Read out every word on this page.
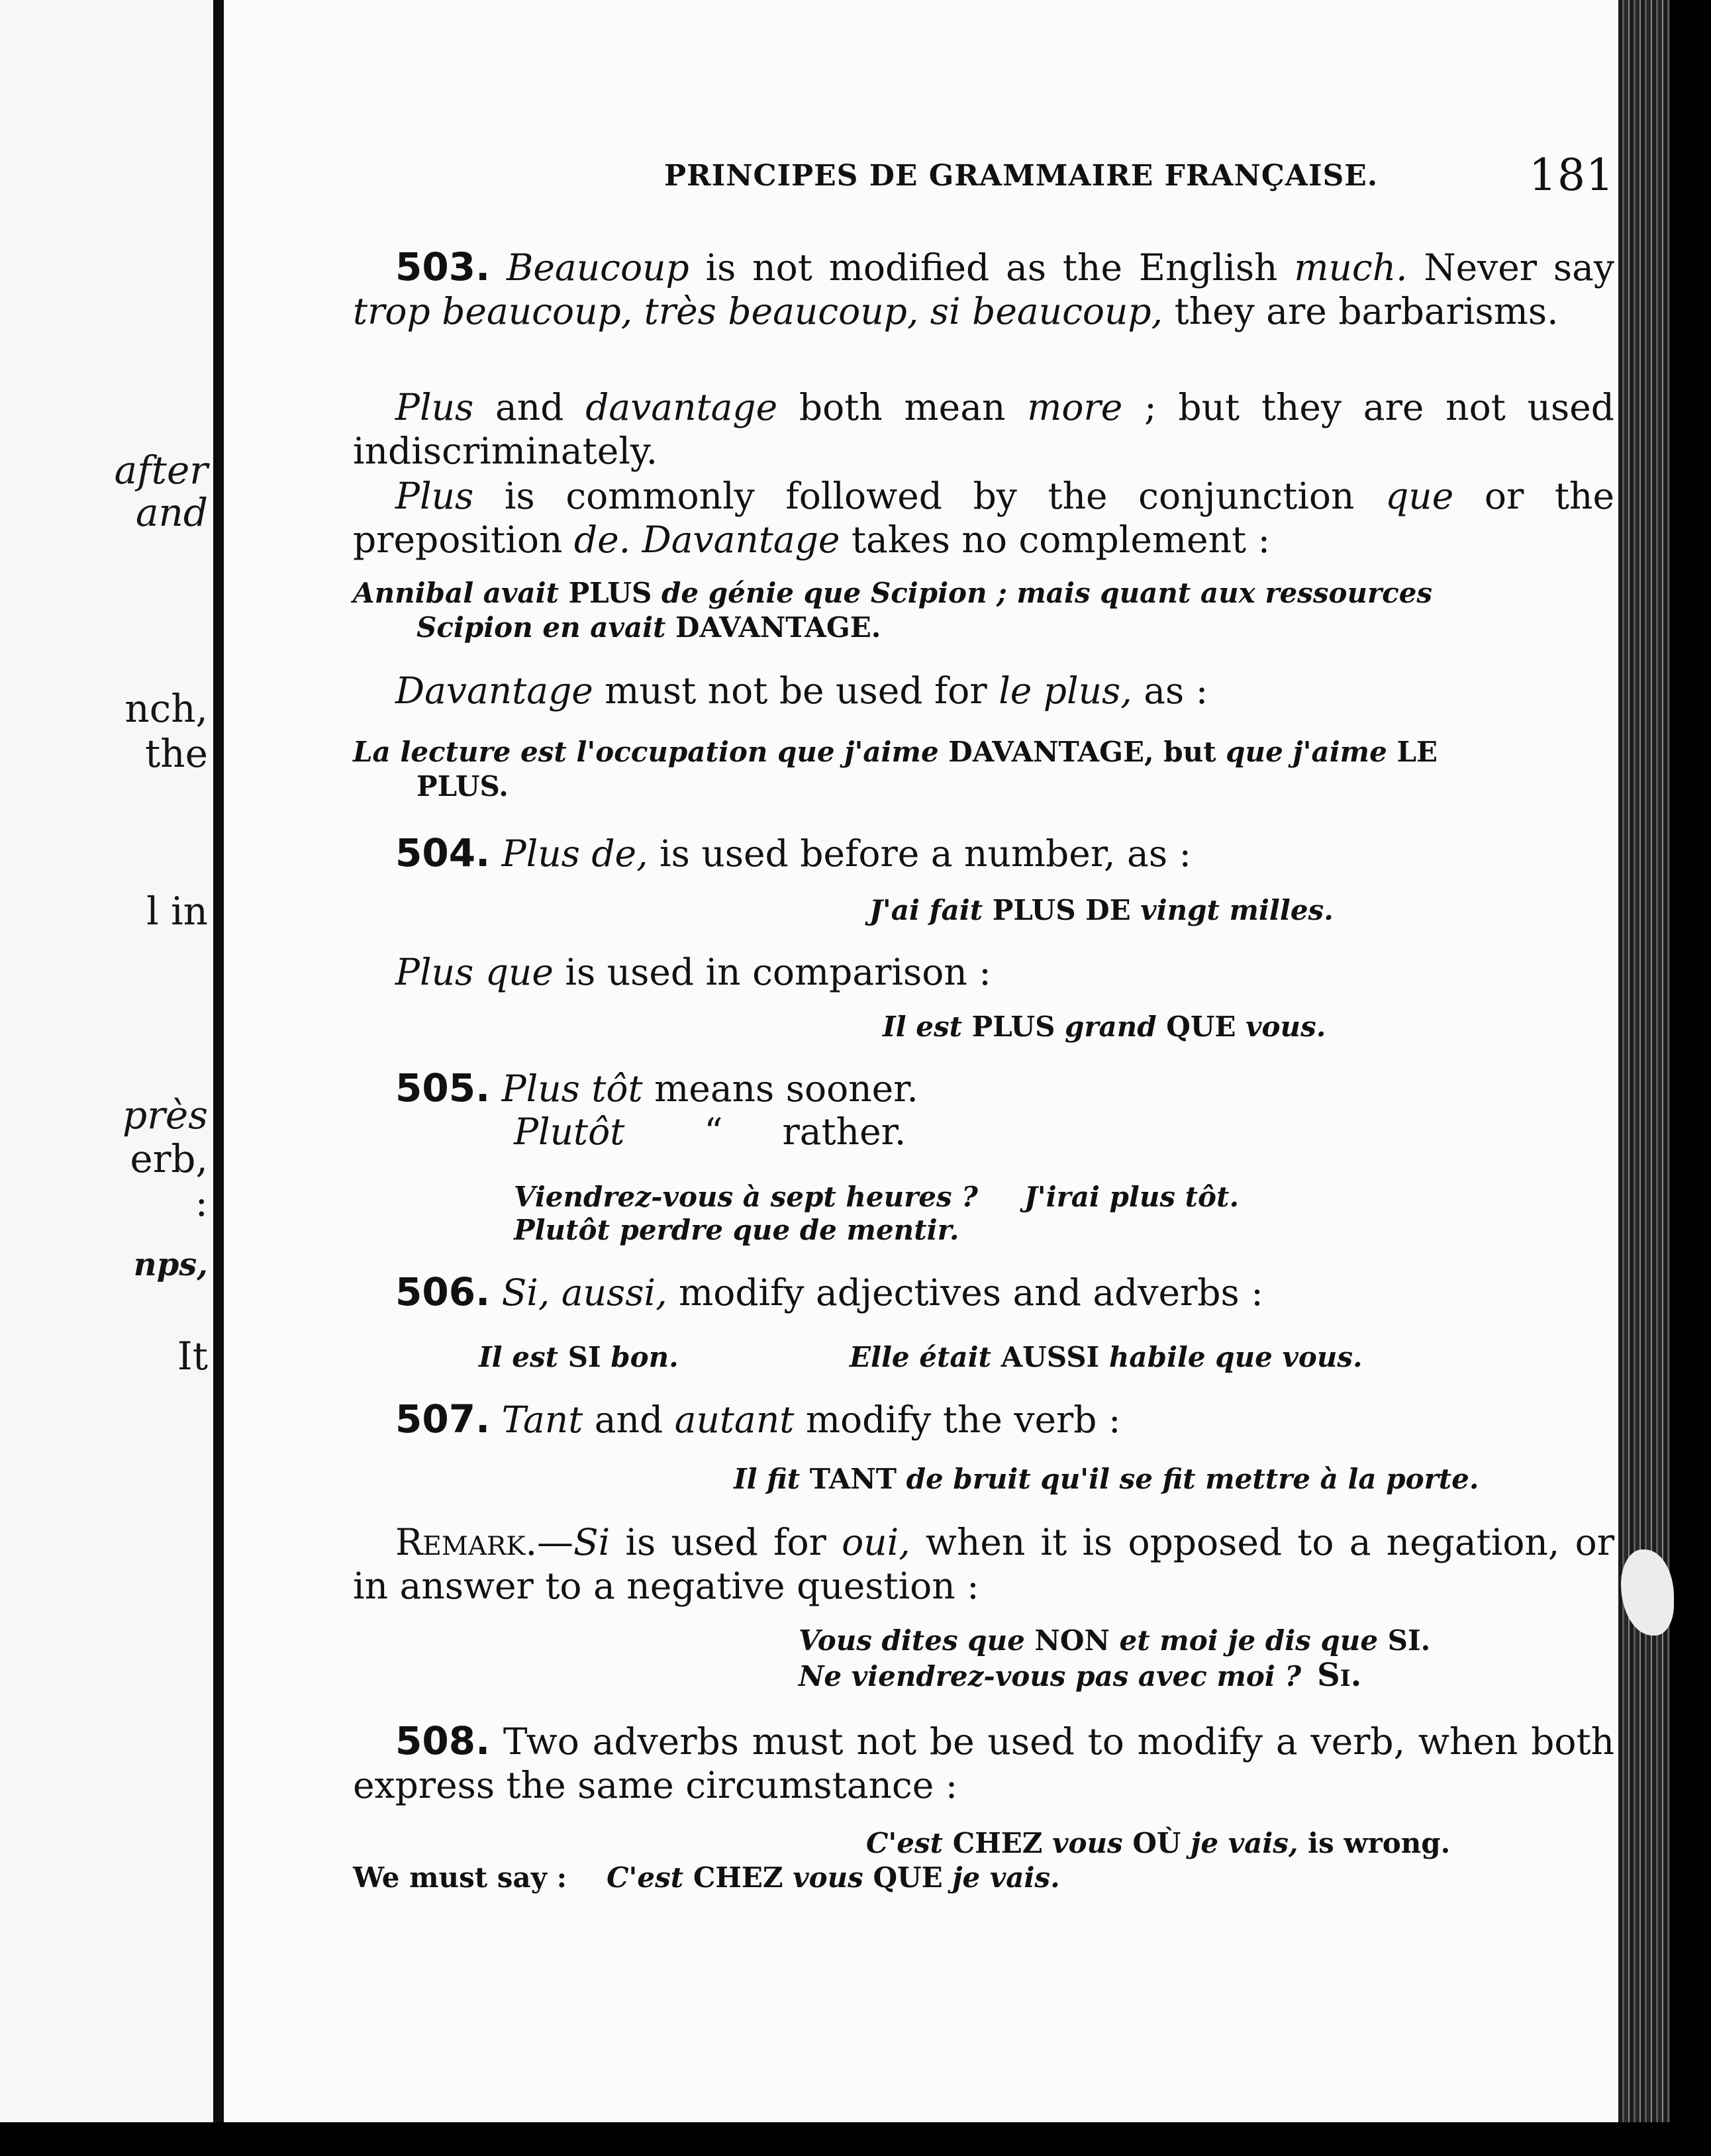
after
and
nch,
the
l in
près
erb,
:
nps,
It
PRINCIPES DE GRAMMAIRE FRANÇAISE.	181
503. Beaucoup is not modified as the English much. Never say trop beaucoup, très beaucoup, si beaucoup, they are barbarisms.
Plus and davantage both mean more ; but they are not used indiscriminately.
Plus is commonly followed by the conjunction que or the preposition de. Davantage takes no complement :
Annibal avait PLUS de génie que Scipion ; mais quant aux ressources
Scipion en avait DAVANTAGE.
Davantage must not be used for le plus, as :
La lecture est l'occupation que j'aime DAVANTAGE, but que j'aime LE
PLUS.
504. Plus de, is used before a number, as :
J'ai fait PLUS DE vingt milles.
Plus que is used in comparison :
Il est PLUS grand QUE vous.
505. Plus tôt means sooner.
Plutôt “ rather.
Viendrez-vous à sept heures ? J'irai plus tôt.
Plutôt perdre que de mentir.
506. Si, aussi, modify adjectives and adverbs :
Il est SI bon.	Elle était AUSSI habile que vous.
507. Tant and autant modify the verb :
Il fit TANT de bruit qu'il se fit mettre à la porte.
Remark.—Si is used for oui, when it is opposed to a negation, or in answer to a negative question :
Vous dites que NON et moi je dis que SI.
Ne viendrez-vous pas avec moi ? Si.
508. Two adverbs must not be used to modify a verb, when both express the same circumstance :
C'est CHEZ vous OÙ je vais, is wrong.
We must say : C'est CHEZ vous QUE je vais.
